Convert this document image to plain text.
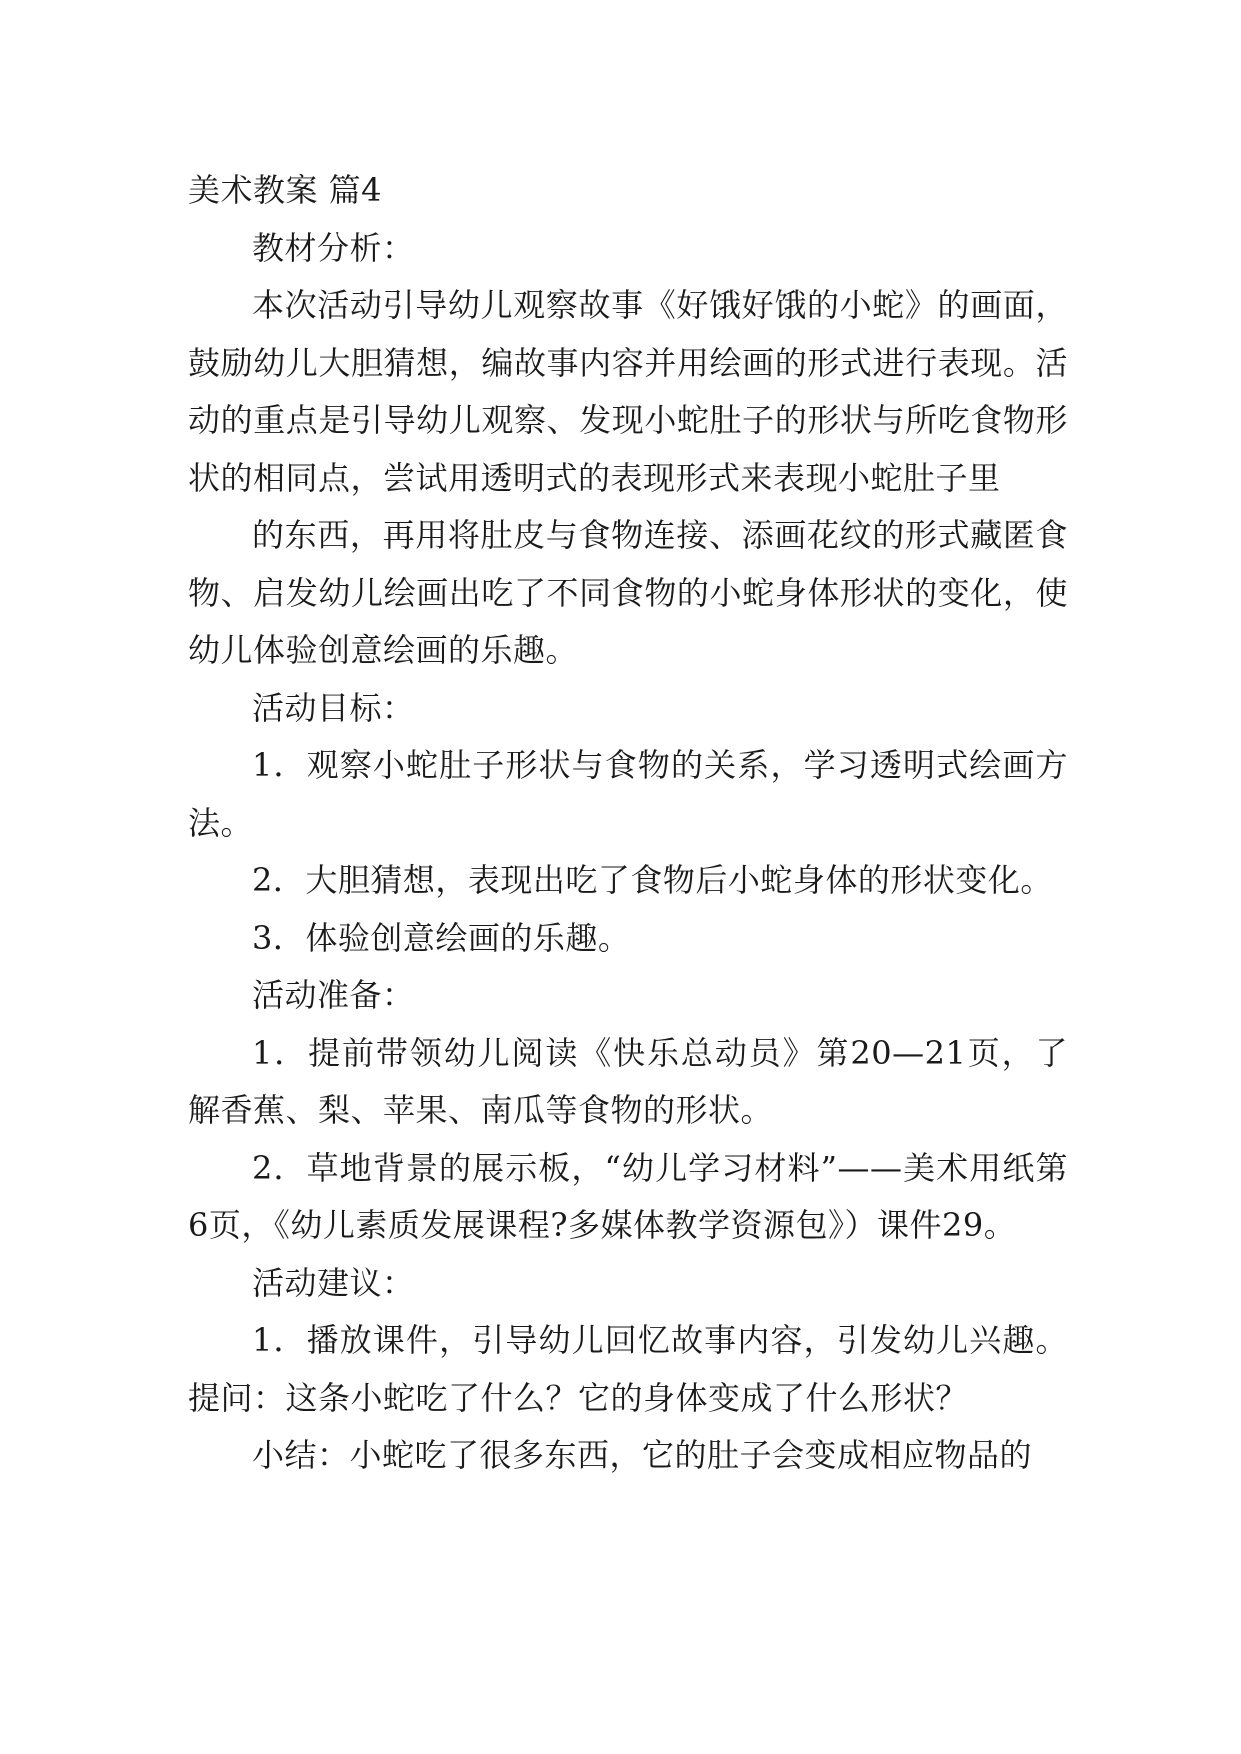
美术教案 篇4

教材分析：

本次活动引导幼儿观察故事《好饿好饿的小蛇》的画面，鼓励幼儿大胆猜想，编故事内容并用绘画的形式进行表现。活动的重点是引导幼儿观察、发现小蛇肚子的形状与所吃食物形状的相同点，尝试用透明式的表现形式来表现小蛇肚子里

的东西，再用将肚皮与食物连接、添画花纹的形式藏匿食物、启发幼儿绘画出吃了不同食物的小蛇身体形状的变化，使幼儿体验创意绘画的乐趣。

活动目标：

1．观察小蛇肚子形状与食物的关系，学习透明式绘画方法。

2．大胆猜想，表现出吃了食物后小蛇身体的形状变化。

3．体验创意绘画的乐趣。

活动准备：

1．提前带领幼儿阅读《快乐总动员》第20—21页，了解香蕉、梨、苹果、南瓜等食物的形状。

2．草地背景的展示板，“幼儿学习材料”——美术用纸第6页，《幼儿素质发展课程?多媒体教学资源包》）课件29。

活动建议：

1．播放课件，引导幼儿回忆故事内容，引发幼儿兴趣。提问：这条小蛇吃了什么？它的身体变成了什么形状？

小结：小蛇吃了很多东西，它的肚子会变成相应物品的
